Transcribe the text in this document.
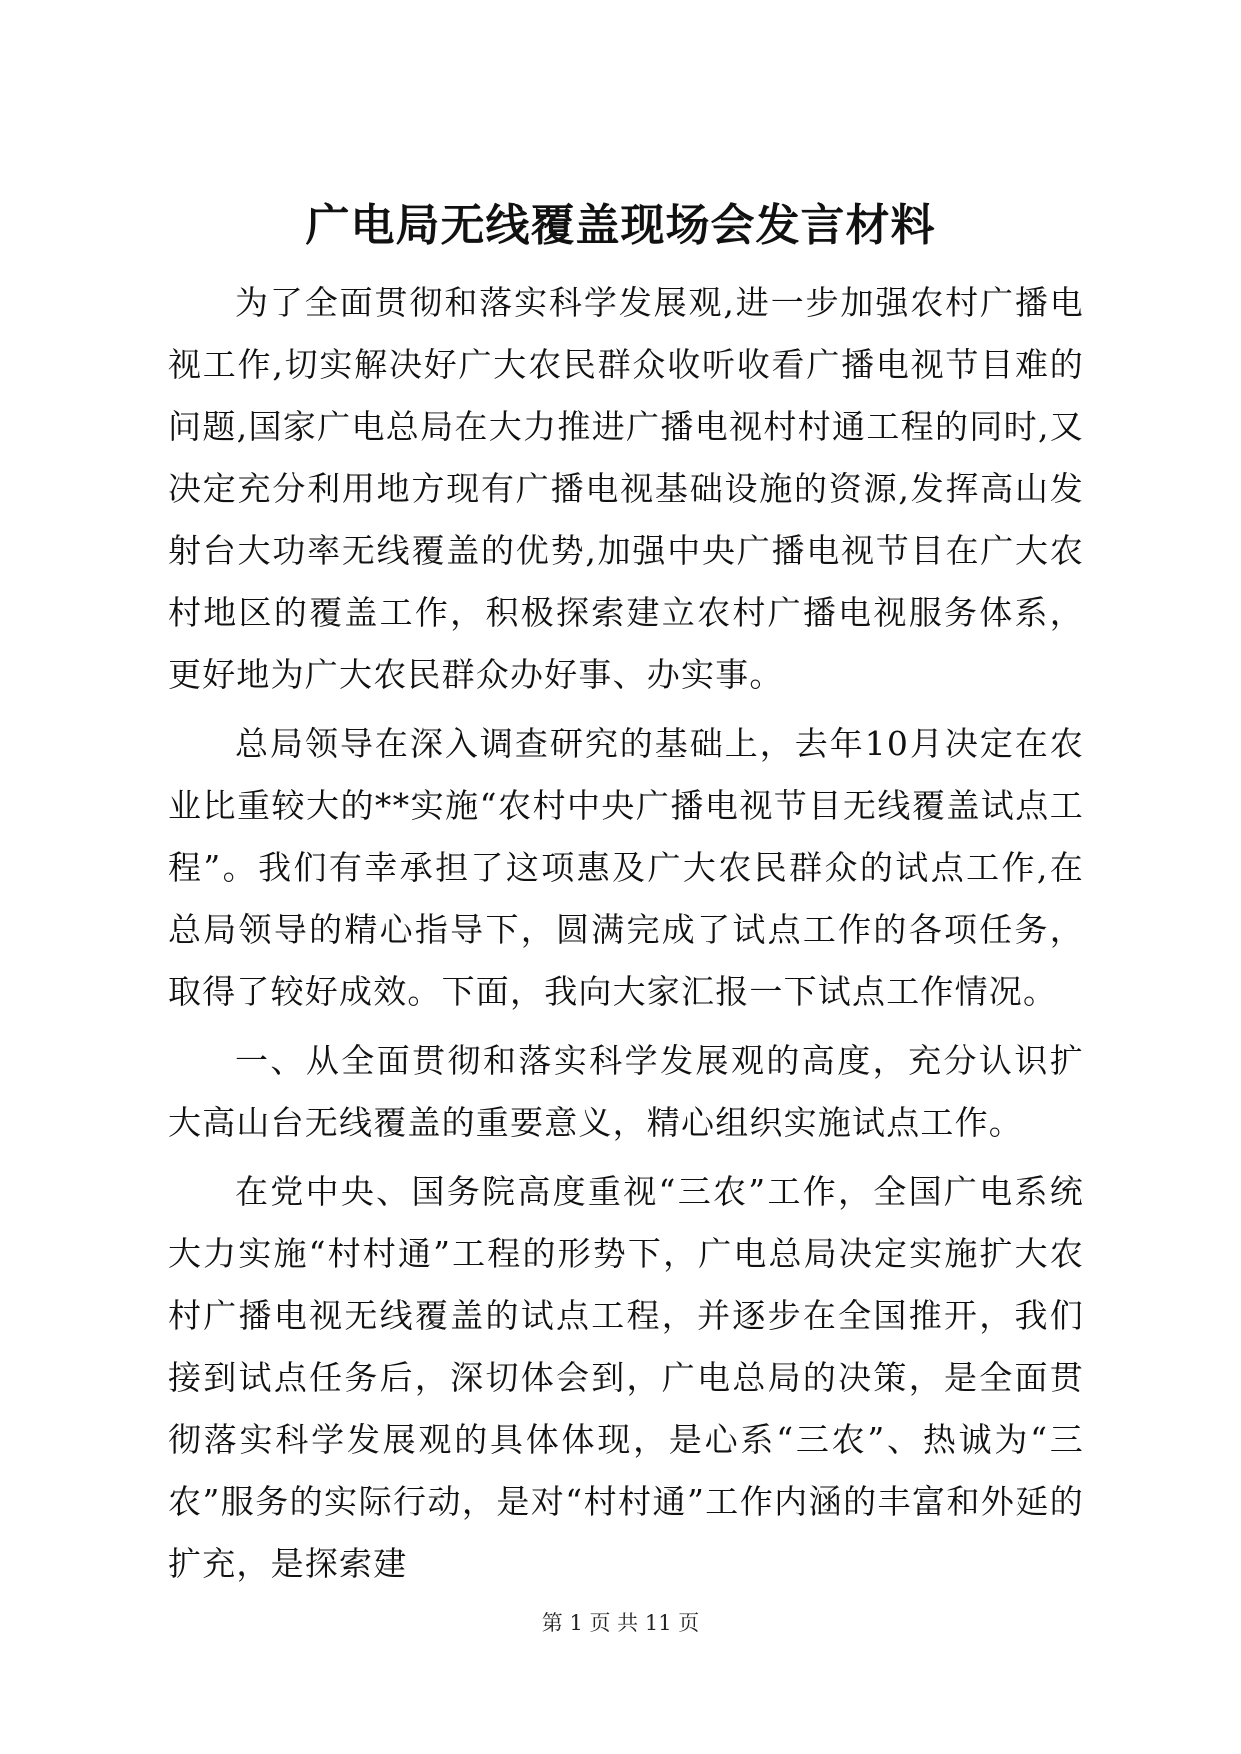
广电局无线覆盖现场会发言材料

为了全面贯彻和落实科学发展观,进一步加强农村广播电视工作,切实解决好广大农民群众收听收看广播电视节目难的问题,国家广电总局在大力推进广播电视村村通工程的同时,又决定充分利用地方现有广播电视基础设施的资源,发挥高山发射台大功率无线覆盖的优势,加强中央广播电视节目在广大农村地区的覆盖工作，积极探索建立农村广播电视服务体系，更好地为广大农民群众办好事、办实事。

总局领导在深入调查研究的基础上，去年10月决定在农业比重较大的**实施“农村中央广播电视节目无线覆盖试点工程”。我们有幸承担了这项惠及广大农民群众的试点工作,在总局领导的精心指导下，圆满完成了试点工作的各项任务，取得了较好成效。下面，我向大家汇报一下试点工作情况。

一、从全面贯彻和落实科学发展观的高度，充分认识扩大高山台无线覆盖的重要意义，精心组织实施试点工作。

在党中央、国务院高度重视“三农”工作，全国广电系统大力实施“村村通”工程的形势下，广电总局决定实施扩大农村广播电视无线覆盖的试点工程，并逐步在全国推开，我们接到试点任务后，深切体会到，广电总局的决策，是全面贯彻落实科学发展观的具体体现，是心系“三农”、热诚为“三农”服务的实际行动，是对“村村通”工作内涵的丰富和外延的扩充，是探索建

第 1 页 共 11 页
